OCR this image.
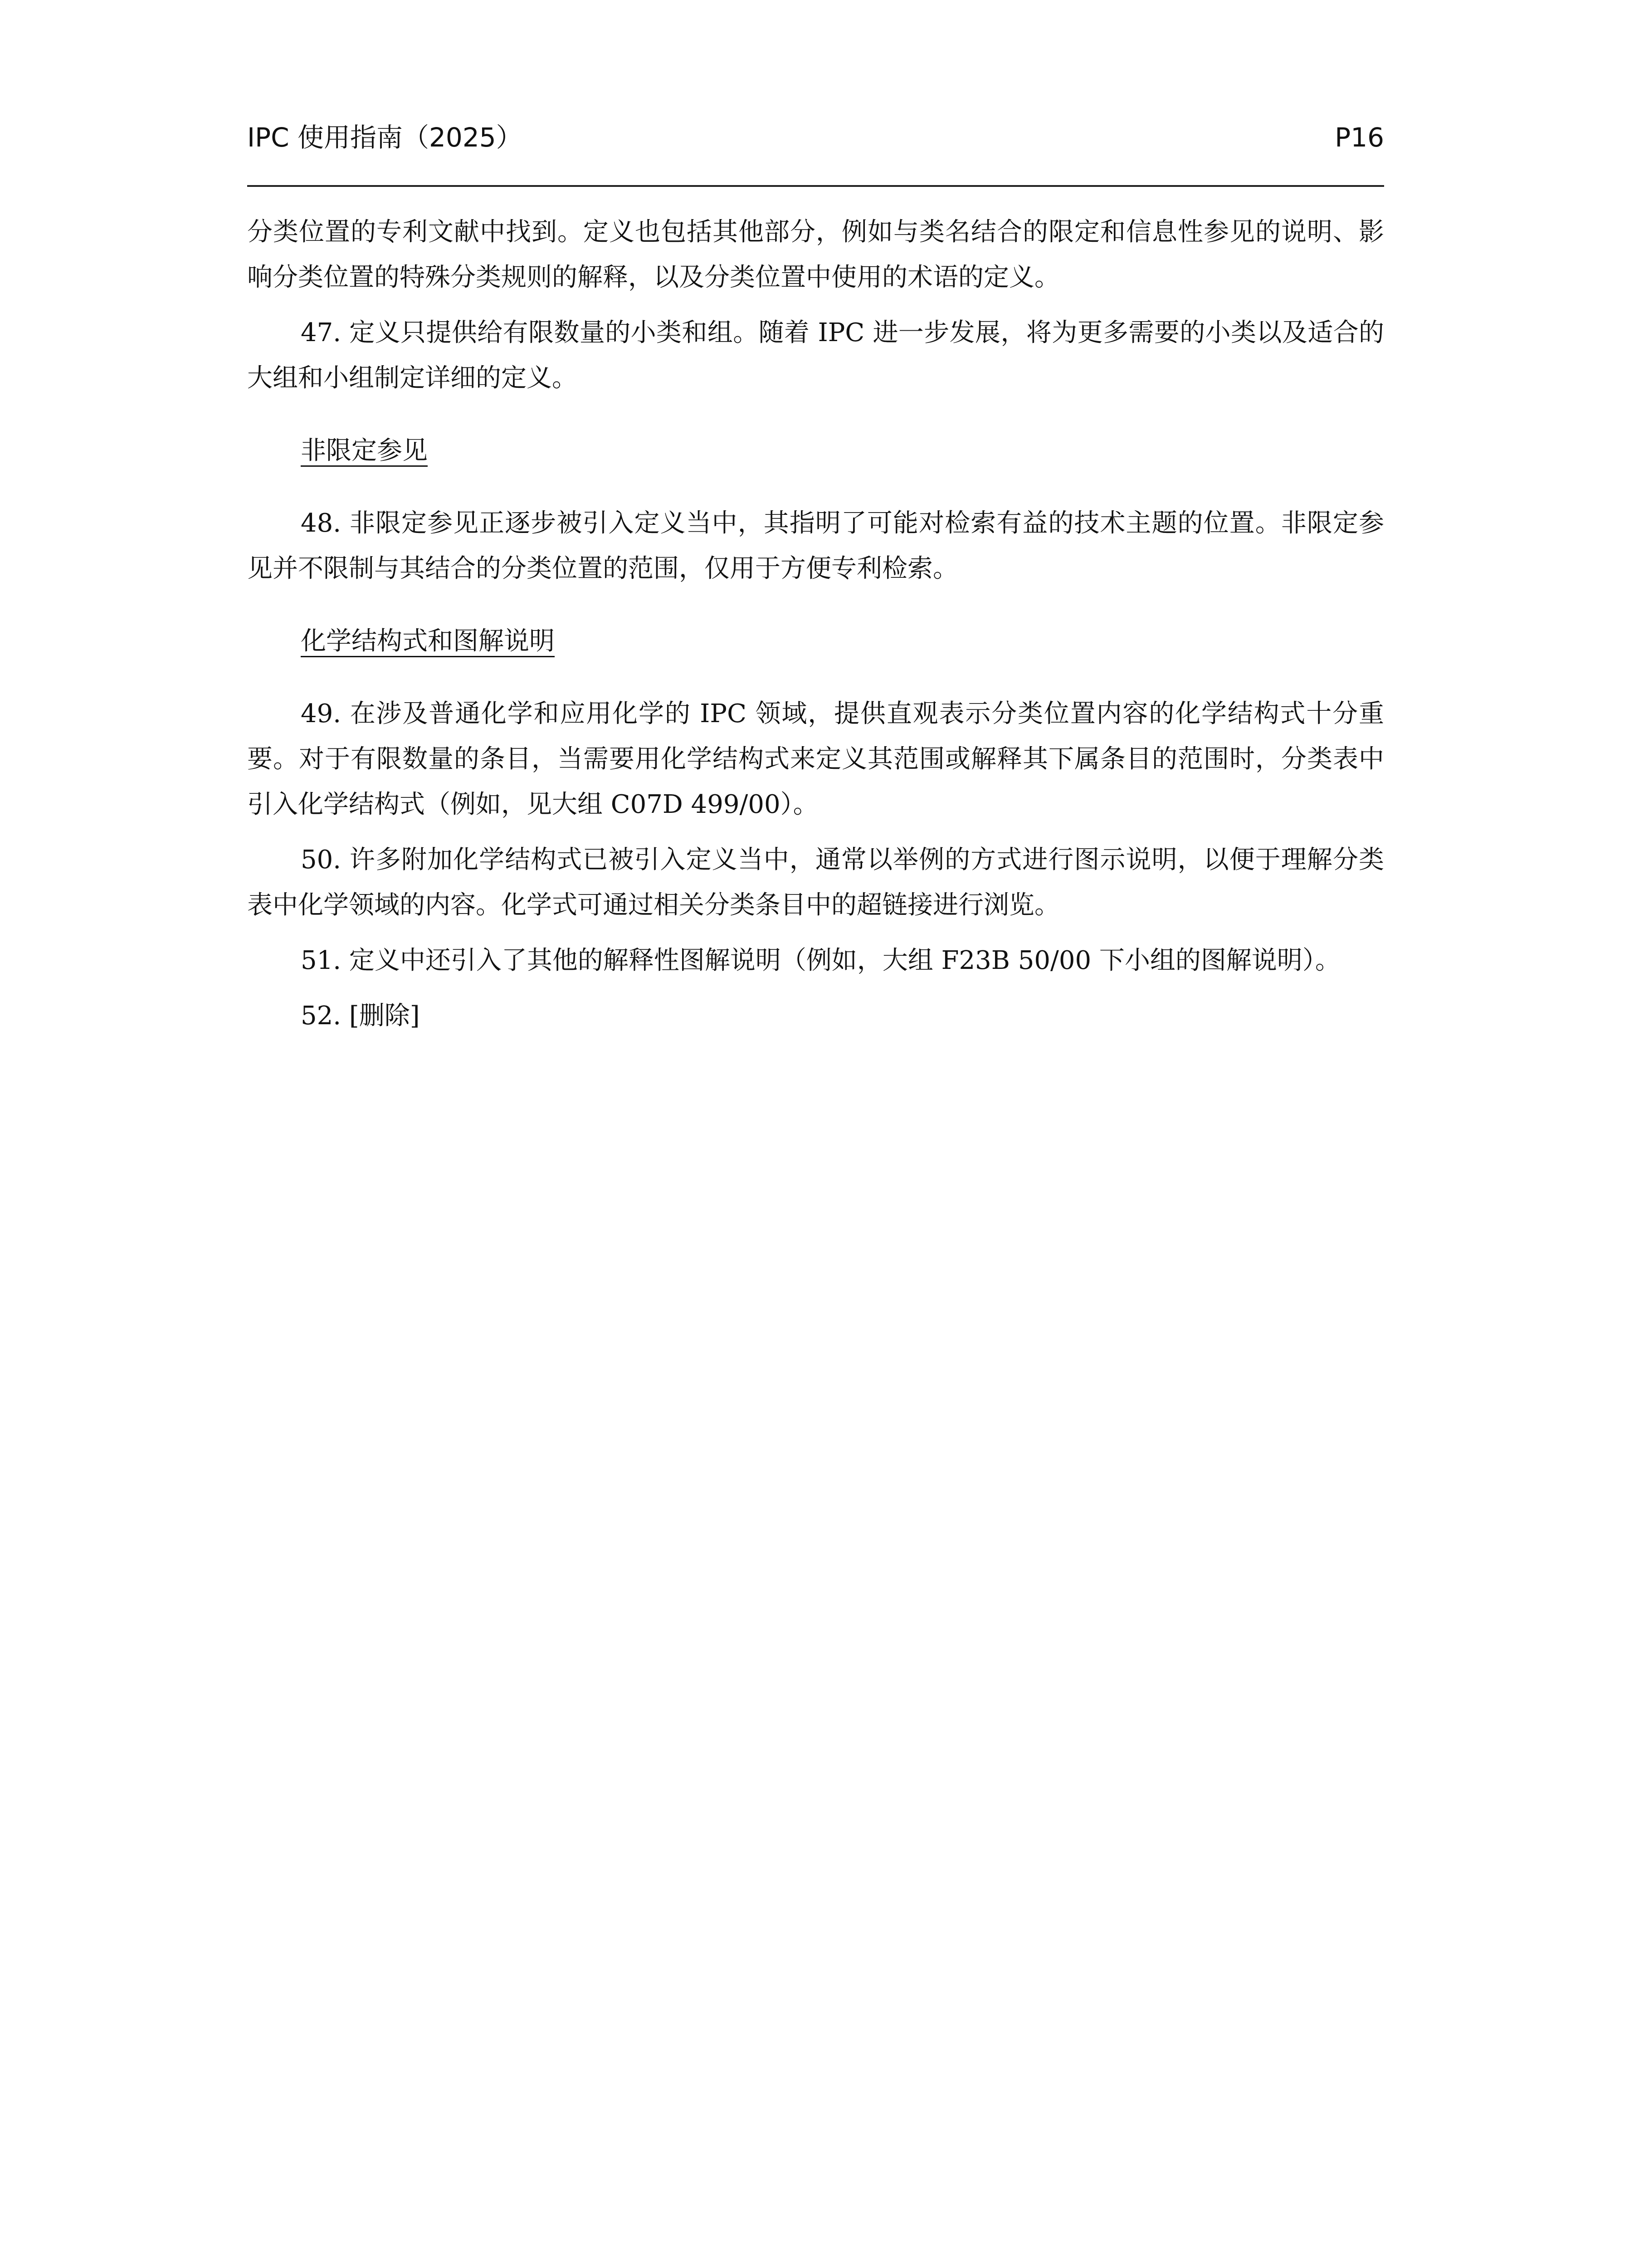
IPC 使用指南（2025）	P16

分类位置的专利文献中找到。定义也包括其他部分，例如与类名结合的限定和信息性参见的说明、影响分类位置的特殊分类规则的解释，以及分类位置中使用的术语的定义。

47. 定义只提供给有限数量的小类和组。随着 IPC 进一步发展，将为更多需要的小类以及适合的大组和小组制定详细的定义。

非限定参见

48. 非限定参见正逐步被引入定义当中，其指明了可能对检索有益的技术主题的位置。非限定参见并不限制与其结合的分类位置的范围，仅用于方便专利检索。

化学结构式和图解说明

49. 在涉及普通化学和应用化学的 IPC 领域，提供直观表示分类位置内容的化学结构式十分重要。对于有限数量的条目，当需要用化学结构式来定义其范围或解释其下属条目的范围时，分类表中引入化学结构式（例如，见大组 C07D 499/00）。

50. 许多附加化学结构式已被引入定义当中，通常以举例的方式进行图示说明，以便于理解分类表中化学领域的内容。化学式可通过相关分类条目中的超链接进行浏览。

51. 定义中还引入了其他的解释性图解说明（例如，大组 F23B 50/00 下小组的图解说明）。

52. [删除]
